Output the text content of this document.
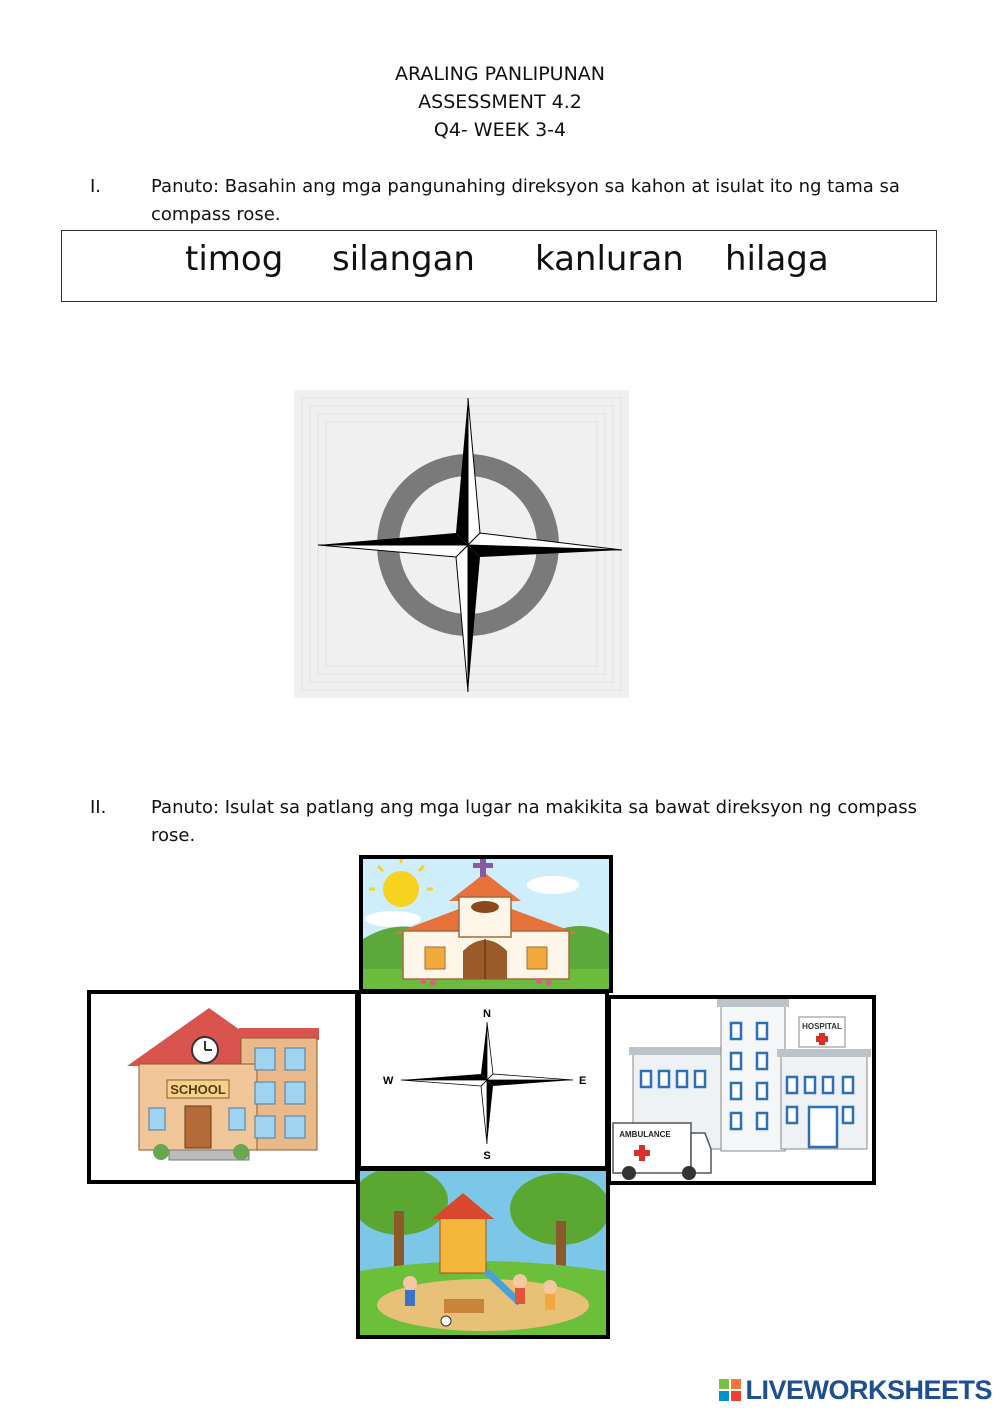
ARALING PANLIPUNAN
ASSESSMENT 4.2
Q4- WEEK 3-4
I.	Panuto: Basahin ang mga pangunahing direksyon sa kahon at isulat ito ng tama sa compass rose.
timog silangan kanluran hilaga
II. Panuto: Isulat sa patlang ang mga lugar na makikita sa bawat direksyon ng compass rose.
SCHOOL
N
E
S
W
HOSPITAL
AMBULANCE
LIVEWORKSHEETS
